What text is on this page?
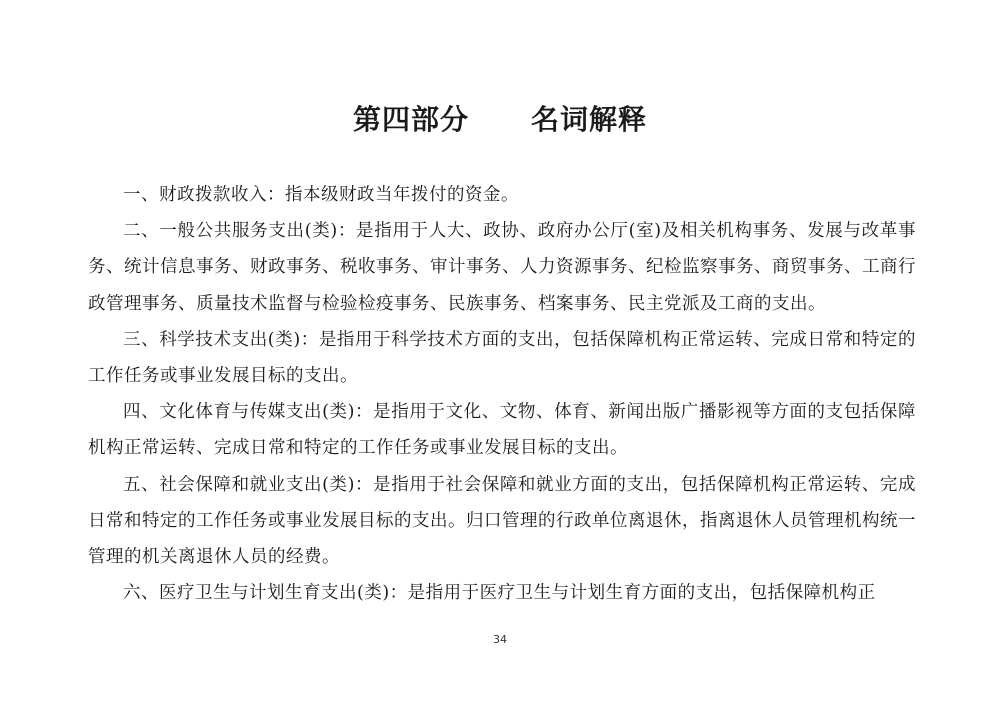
第四部分 名词解释

一、财政拨款收入：指本级财政当年拨付的资金。

二、一般公共服务支出(类)：是指用于人大、政协、政府办公厅(室)及相关机构事务、发展与改革事务、统计信息事务、财政事务、税收事务、审计事务、人力资源事务、纪检监察事务、商贸事务、工商行政管理事务、质量技术监督与检验检疫事务、民族事务、档案事务、民主党派及工商的支出。

三、科学技术支出(类)：是指用于科学技术方面的支出，包括保障机构正常运转、完成日常和特定的工作任务或事业发展目标的支出。

四、文化体育与传媒支出(类)：是指用于文化、文物、体育、新闻出版广播影视等方面的支包括保障机构正常运转、完成日常和特定的工作任务或事业发展目标的支出。

五、社会保障和就业支出(类)：是指用于社会保障和就业方面的支出，包括保障机构正常运转、完成日常和特定的工作任务或事业发展目标的支出。归口管理的行政单位离退休，指离退休人员管理机构统一管理的机关离退休人员的经费。

六、医疗卫生与计划生育支出(类)：是指用于医疗卫生与计划生育方面的支出，包括保障机构正

34
